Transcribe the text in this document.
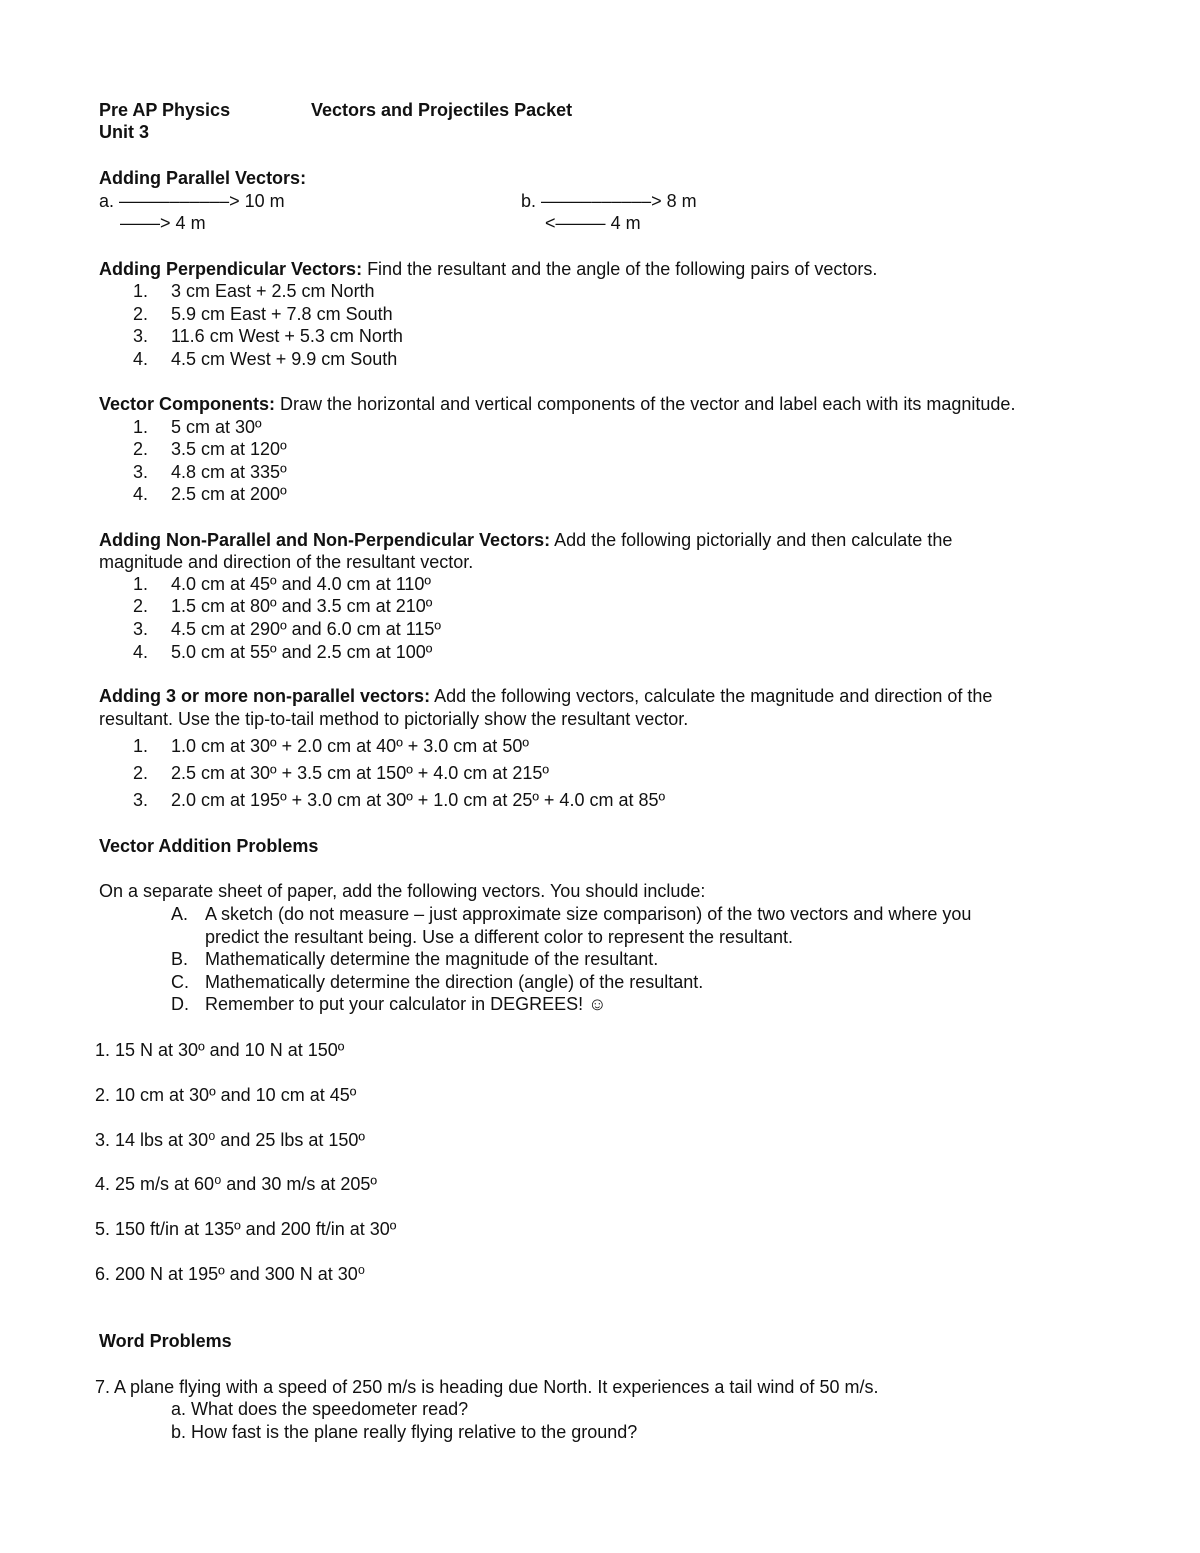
Pre AP Physics	Vectors and Projectiles Packet
Unit 3
Adding Parallel Vectors:
a. –––––––––––> 10 m
––––> 4 m
b. –––––––––––> 8 m
<––––– 4 m
Adding Perpendicular Vectors: Find the resultant and the angle of the following pairs of vectors.
1. 3 cm East + 2.5 cm North
2. 5.9 cm East + 7.8 cm South
3. 11.6 cm West + 5.3 cm North
4. 4.5 cm West + 9.9 cm South
Vector Components: Draw the horizontal and vertical components of the vector and label each with its magnitude.
1. 5 cm at 30º
2. 3.5 cm at 120º
3. 4.8 cm at 335º
4. 2.5 cm at 200º
Adding Non-Parallel and Non-Perpendicular Vectors: Add the following pictorially and then calculate the
magnitude and direction of the resultant vector.
1. 4.0 cm at 45º and 4.0 cm at 110º
2. 1.5 cm at 80º and 3.5 cm at 210º
3. 4.5 cm at 290º and 6.0 cm at 115º
4. 5.0 cm at 55º and 2.5 cm at 100º
Adding 3 or more non-parallel vectors: Add the following vectors, calculate the magnitude and direction of the
resultant. Use the tip-to-tail method to pictorially show the resultant vector.
1. 1.0 cm at 30º + 2.0 cm at 40º + 3.0 cm at 50º
2. 2.5 cm at 30º + 3.5 cm at 150º + 4.0 cm at 215º
3. 2.0 cm at 195º + 3.0 cm at 30º + 1.0 cm at 25º + 4.0 cm at 85º
Vector Addition Problems
On a separate sheet of paper, add the following vectors. You should include:
A. A sketch (do not measure – just approximate size comparison) of the two vectors and where you
predict the resultant being. Use a different color to represent the resultant.
B. Mathematically determine the magnitude of the resultant.
C. Mathematically determine the direction (angle) of the resultant.
D. Remember to put your calculator in DEGREES! ☺
1. 15 N at 30º and 10 N at 150º
2. 10 cm at 30º and 10 cm at 45º
3. 14 lbs at 30⁰ and 25 lbs at 150º
4. 25 m/s at 60⁰ and 30 m/s at 205º
5. 150 ft/in at 135º and 200 ft/in at 30º
6. 200 N at 195º and 300 N at 30⁰
Word Problems
7. A plane flying with a speed of 250 m/s is heading due North. It experiences a tail wind of 50 m/s.
a. What does the speedometer read?
b. How fast is the plane really flying relative to the ground?
